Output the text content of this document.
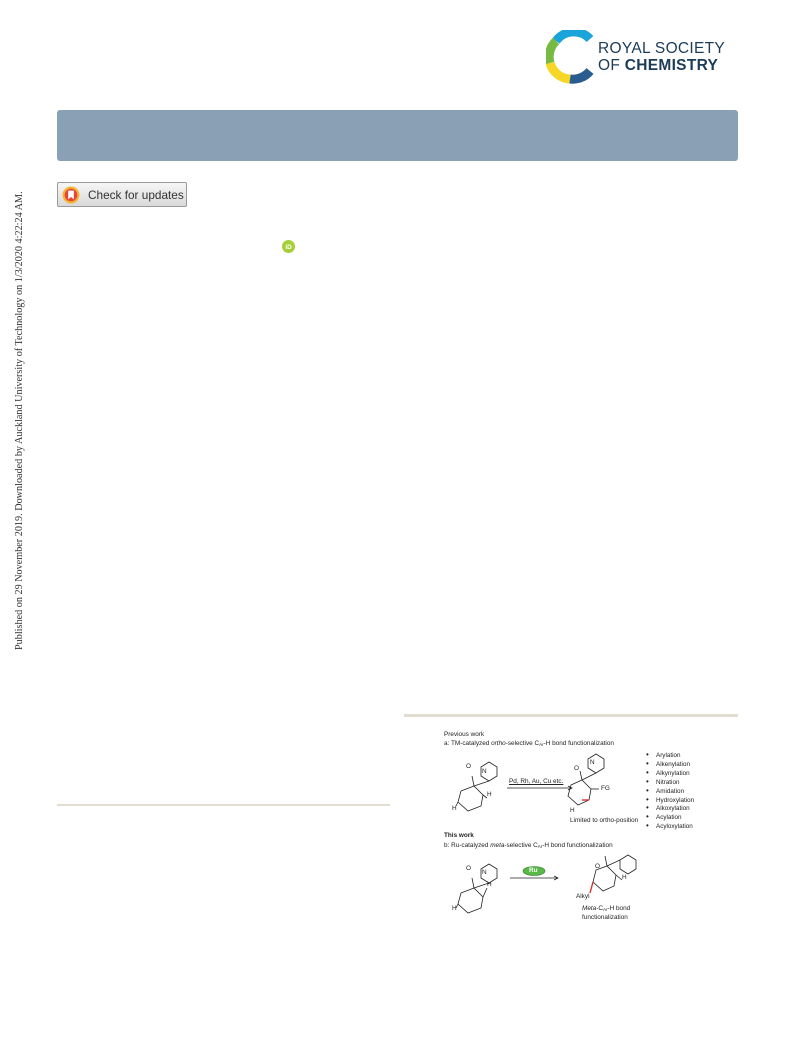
Published on 29 November 2019. Downloaded by Auckland University of Technology on 1/3/2020 4:22:24 AM.
ROYAL SOCIETY
OF CHEMISTRY
Check for updates
iD
Previous work
a: TM-catalyzed ortho-selective $C_{Ar}-H$ bond functionalization
O
N
H
H
Pd, Rh, Au, Cu etc.
O
N
FG
H
Limited to ortho-position
• Arylation
• Alkenylation
• Alkynylation
• Nitration
• Amidation
• Hydroxylation
• Alkoxylation
• Acylation
• Acyloxylation
This work
b: Ru-catalyzed meta-selective $C_{Ar}-H$ bond functionalization
O
N
H
H
Ru
O
H
Alkyl
Meta-$C_{Ar}-H$ bond
functionalization
